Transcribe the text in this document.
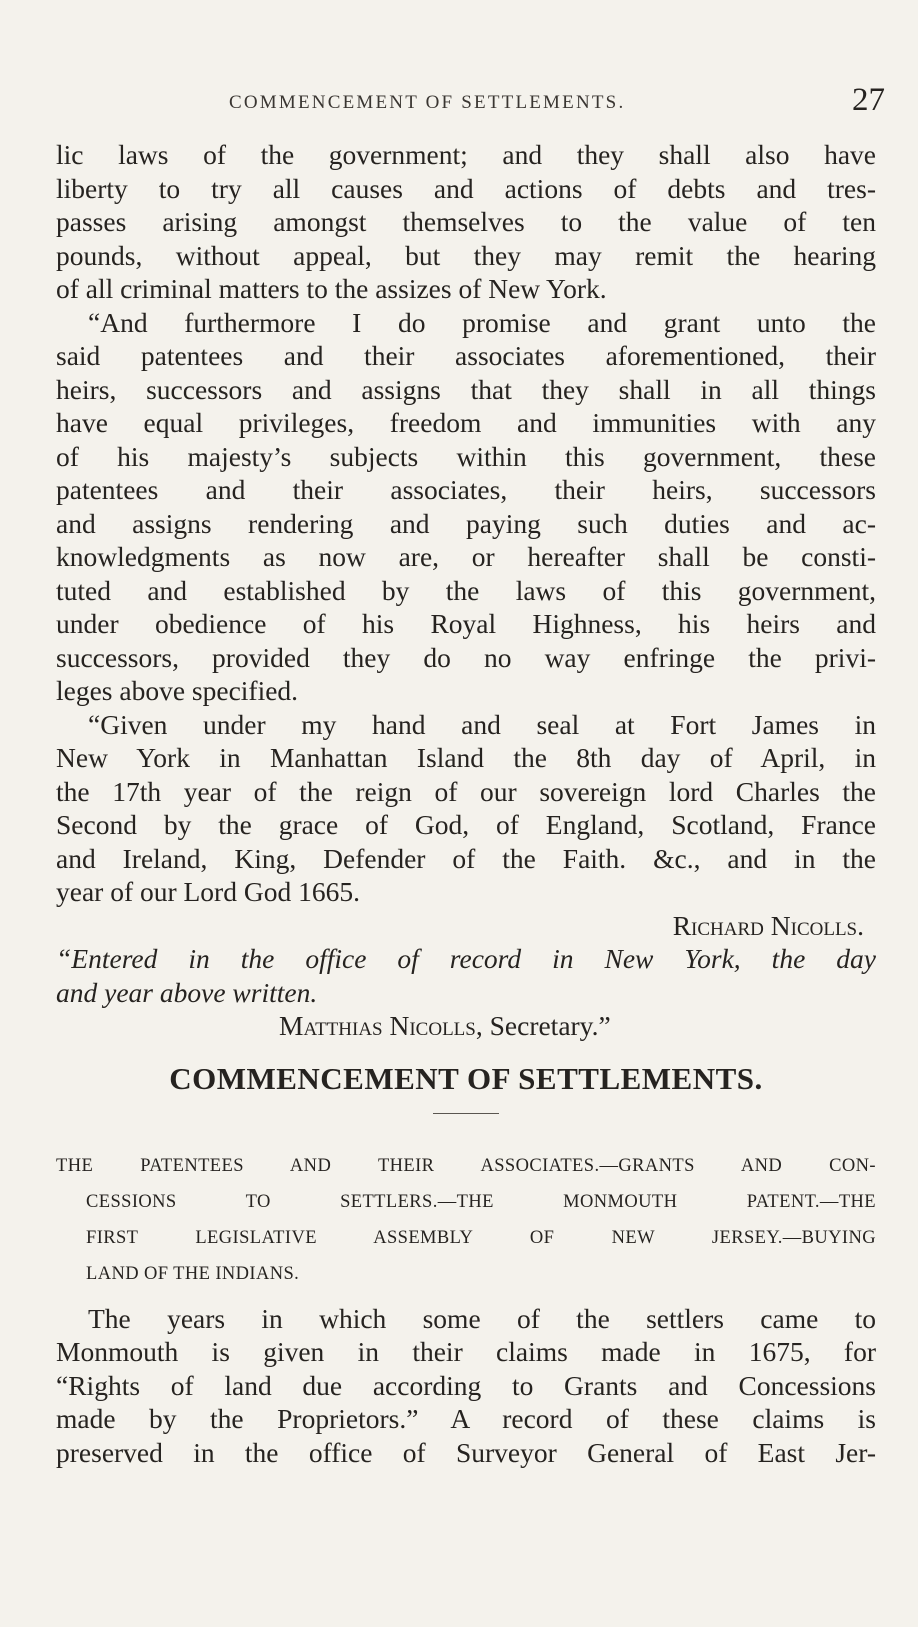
COMMENCEMENT OF SETTLEMENTS.	27

lic laws of the government; and they shall also have
liberty to try all causes and actions of debts and tres-
passes arising amongst themselves to the value of ten
pounds, without appeal, but they may remit the hearing
of all criminal matters to the assizes of New York.

“And furthermore I do promise and grant unto the
said patentees and their associates aforementioned, their
heirs, successors and assigns that they shall in all things
have equal privileges, freedom and immunities with any
of his majesty’s subjects within this government, these
patentees and their associates, their heirs, successors
and assigns rendering and paying such duties and ac-
knowledgments as now are, or hereafter shall be consti-
tuted and established by the laws of this government,
under obedience of his Royal Highness, his heirs and
successors, provided they do no way enfringe the privi-
leges above specified.

“Given under my hand and seal at Fort James in
New York in Manhattan Island the 8th day of April, in
the 17th year of the reign of our sovereign lord Charles the
Second by the grace of God, of England, Scotland, France
and Ireland, King, Defender of the Faith. &c., and in the
year of our Lord God 1665.

Richard Nicolls.

“Entered in the office of record in New York, the day
and year above written.

Matthias Nicolls, Secretary.”

COMMENCEMENT OF SETTLEMENTS.

THE PATENTEES AND THEIR ASSOCIATES.—GRANTS AND CON-
CESSIONS TO SETTLERS.—THE MONMOUTH PATENT.—THE
FIRST LEGISLATIVE ASSEMBLY OF NEW JERSEY.—BUYING
LAND OF THE INDIANS.

The years in which some of the settlers came to
Monmouth is given in their claims made in 1675, for
“Rights of land due according to Grants and Concessions
made by the Proprietors.” A record of these claims is
preserved in the office of Surveyor General of East Jer-
